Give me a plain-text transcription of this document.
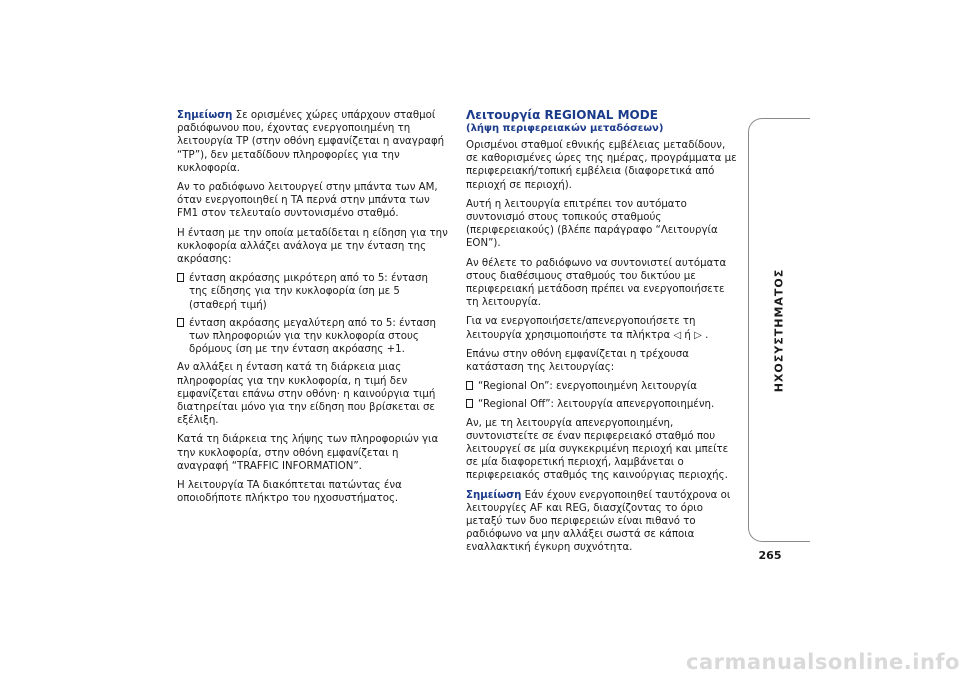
Σημείωση Σε ορισμένες χώρες υπάρχουν σταθμοί ραδιόφωνου που, έχοντας ενεργοποιημένη τη λειτουργία TP (στην οθόνη εμφανίζεται η αναγραφή “TP”), δεν μεταδίδουν πληροφορίες για την κυκλοφορία.

Αν το ραδιόφωνο λειτουργεί στην μπάντα των AM, όταν ενεργοποιηθεί η TA περνά στην μπάντα των FM1 στον τελευταίο συντονισμένο σταθμό.

Η ένταση με την οποία μεταδίδεται η είδηση για την κυκλοφορία αλλάζει ανάλογα με την ένταση της ακρόασης:

ένταση ακρόασης μικρότερη από το 5: ένταση της είδησης για την κυκλοφορία ίση με 5 (σταθερή τιμή)
ένταση ακρόασης μεγαλύτερη από το 5: ένταση των πληροφοριών για την κυκλοφορία στους δρόμους ίση με την ένταση ακρόασης +1.

Αν αλλάξει η ένταση κατά τη διάρκεια μιας πληροφορίας για την κυκλοφορία, η τιμή δεν εμφανίζεται επάνω στην οθόνη· η καινούργια τιμή διατηρείται μόνο για την είδηση που βρίσκεται σε εξέλιξη.

Κατά τη διάρκεια της λήψης των πληροφοριών για την κυκλοφορία, στην οθόνη εμφανίζεται η αναγραφή “TRAFFIC INFORMATION”.

Η λειτουργία TA διακόπτεται πατώντας ένα οποιοδήποτε πλήκτρο του ηχοσυστήματος.

Λειτουργία REGIONAL MODE
(λήψη περιφερειακών μεταδόσεων)

Ορισμένοι σταθμοί εθνικής εμβέλειας μεταδίδουν, σε καθορισμένες ώρες της ημέρας, προγράμματα με περιφερειακή/τοπική εμβέλεια (διαφορετικά από περιοχή σε περιοχή).

Αυτή η λειτουργία επιτρέπει τον αυτόματο συντονισμό στους τοπικούς σταθμούς (περιφερειακούς) (βλέπε παράγραφο “Λειτουργία EON”).

Αν θέλετε το ραδιόφωνο να συντονιστεί αυτόματα στους διαθέσιμους σταθμούς του δικτύου με περιφερειακή μετάδοση πρέπει να ενεργοποιήσετε τη λειτουργία.

Για να ενεργοποιήσετε/απενεργοποιήσετε τη λειτουργία χρησιμοποιήστε τα πλήκτρα ◁ ή ▷ .

Επάνω στην οθόνη εμφανίζεται η τρέχουσα κατάσταση της λειτουργίας:

“Regional On”: ενεργοποιημένη λειτουργία
“Regional Off”: λειτουργία απενεργοποιημένη.

Αν, με τη λειτουργία απενεργοποιημένη, συντονιστείτε σε έναν περιφερειακό σταθμό που λειτουργεί σε μία συγκεκριμένη περιοχή και μπείτε σε μία διαφορετική περιοχή, λαμβάνεται ο περιφερειακός σταθμός της καινούργιας περιοχής.

Σημείωση Εάν έχουν ενεργοποιηθεί ταυτόχρονα οι λειτουργίες AF και REG, διασχίζοντας το όριο μεταξύ των δυο περιφερειών είναι πιθανό το ραδιόφωνο να μην αλλάξει σωστά σε κάποια εναλλακτική έγκυρη συχνότητα.

ΗΧΟΣΥΣΤΗΜΑΤΟΣ
265
carmanualsonline.info
